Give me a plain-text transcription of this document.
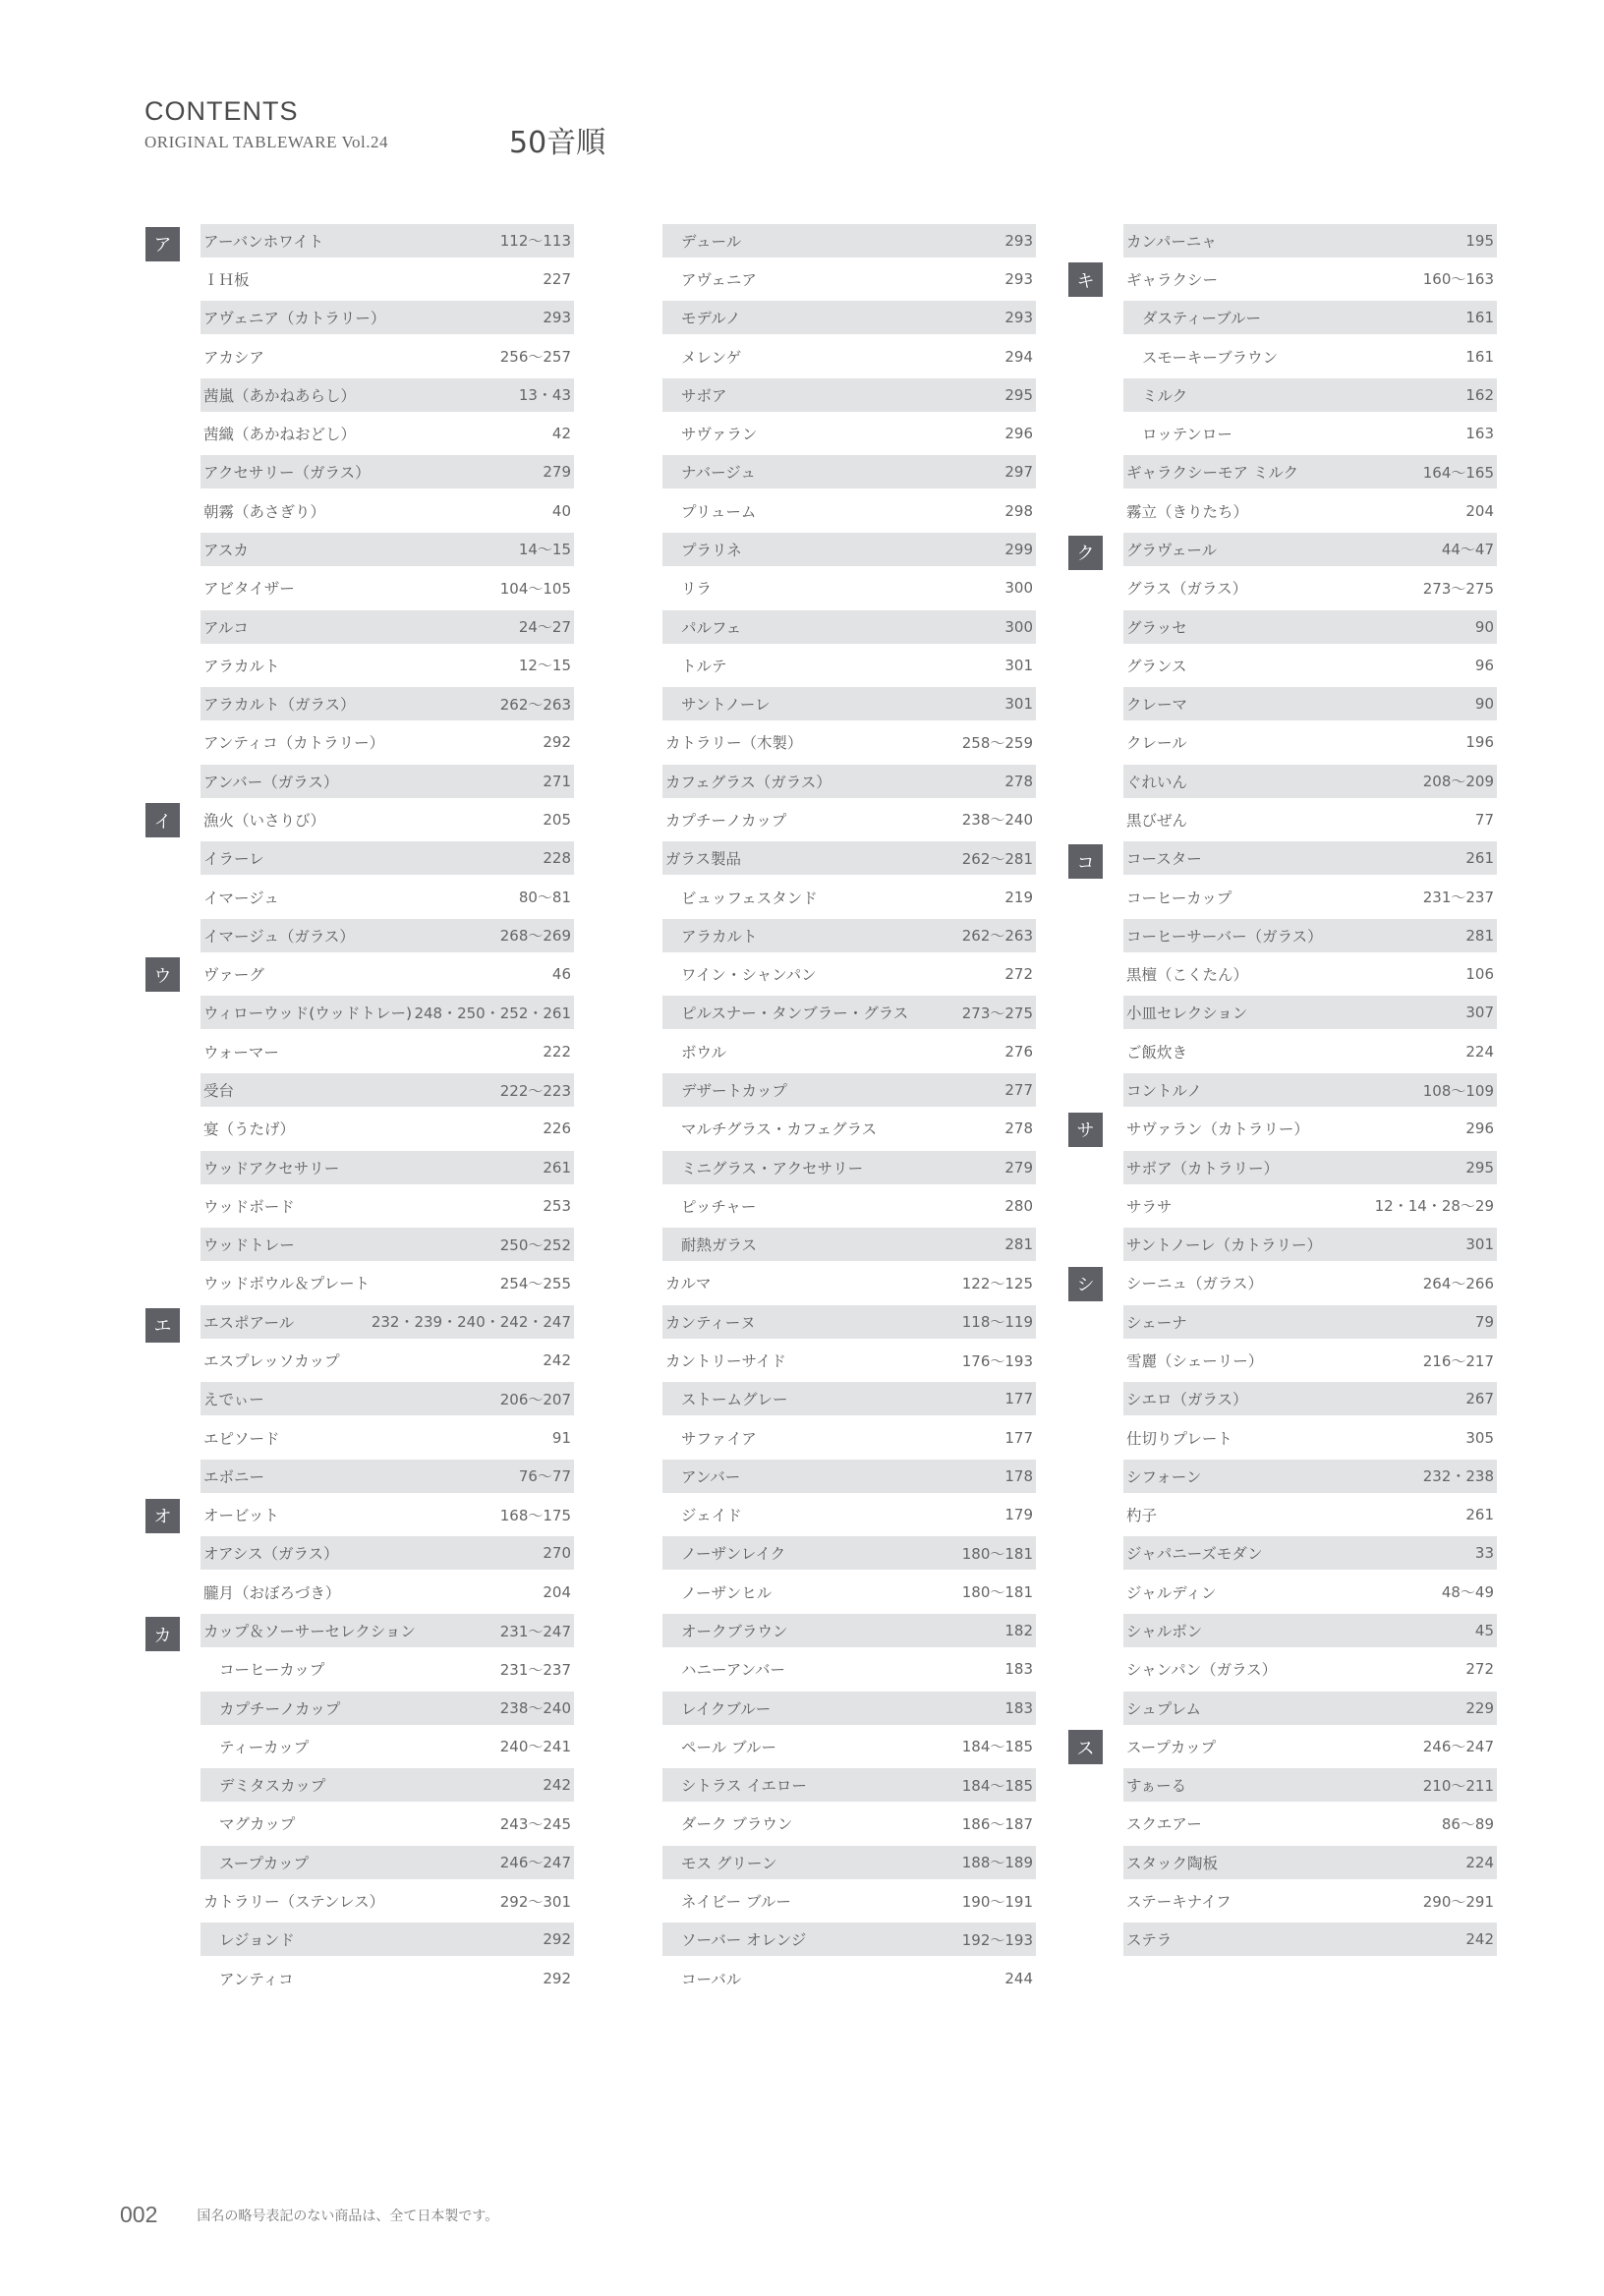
CONTENTS
ORIGINAL TABLEWARE Vol.24	50音順
ア	アーバンホワイト	112～113
ＩＨ板	227
アヴェニア（カトラリー）	293
アカシア	256～257
茜嵐（あかねあらし）	13・43
茜織（あかねおどし）	42
アクセサリー（ガラス）	279
朝霧（あさぎり）	40
アスカ	14～15
アビタイザー	104～105
アルコ	24～27
アラカルト	12～15
アラカルト（ガラス）	262～263
アンティコ（カトラリー）	292
アンバー（ガラス）	271
イ	漁火（いさりび）	205
イラーレ	228
イマージュ	80～81
イマージュ（ガラス）	268～269
ウ	ヴァーグ	46
ウィローウッド(ウッドトレー) 248・250・252・261
ウォーマー	222
受台	222～223
宴（うたげ）	226
ウッドアクセサリー	261
ウッドボード	253
ウッドトレー	250～252
ウッドボウル＆プレート	254～255
エ	エスポアール	232・239・240・242・247
エスプレッソカップ	242
えでぃー	206～207
エピソード	91
エボニー	76～77
オ	オービット	168～175
オアシス（ガラス）	270
朧月（おぼろづき）	204
カ	カップ＆ソーサーセレクション	231～247
コーヒーカップ	231～237
カプチーノカップ	238～240
ティーカップ	240～241
デミタスカップ	242
マグカップ	243～245
スープカップ	246～247
カトラリー（ステンレス）	292～301
レジョンド	292
アンティコ	292
デュール	293
アヴェニア	293
モデルノ	293
メレンゲ	294
サボア	295
サヴァラン	296
ナバージュ	297
プリューム	298
プラリネ	299
リラ	300
パルフェ	300
トルテ	301
サントノーレ	301
カトラリー（木製）	258～259
カフェグラス（ガラス）	278
カプチーノカップ	238～240
ガラス製品	262～281
ビュッフェスタンド	219
アラカルト	262～263
ワイン・シャンパン	272
ピルスナー・タンブラー・グラス	273～275
ボウル	276
デザートカップ	277
マルチグラス・カフェグラス	278
ミニグラス・アクセサリー	279
ピッチャー	280
耐熱ガラス	281
カルマ	122～125
カンティーヌ	118～119
カントリーサイド	176～193
ストームグレー	177
サファイア	177
アンバー	178
ジェイド	179
ノーザンレイク	180～181
ノーザンヒル	180～181
オークブラウン	182
ハニーアンバー	183
レイクブルー	183
ペール ブルー	184～185
シトラス イエロー	184～185
ダーク ブラウン	186～187
モス グリーン	188～189
ネイビー ブルー	190～191
ソーバー オレンジ	192～193
コーバル	244
カンパーニャ	195
キ	ギャラクシー	160～163
ダスティーブルー	161
スモーキーブラウン	161
ミルク	162
ロッテンロー	163
ギャラクシーモア ミルク	164～165
霧立（きりたち）	204
ク	グラヴェール	44～47
グラス（ガラス）	273～275
グラッセ	90
グランス	96
クレーマ	90
クレール	196
ぐれいん	208～209
黒びぜん	77
コ	コースター	261
コーヒーカップ	231～237
コーヒーサーバー（ガラス）	281
黒檀（こくたん）	106
小皿セレクション	307
ご飯炊き	224
コントルノ	108～109
サ	サヴァラン（カトラリー）	296
サボア（カトラリー）	295
サラサ	12・14・28～29
サントノーレ（カトラリー）	301
シ	シーニュ（ガラス）	264～266
シェーナ	79
雪麗（シェーリー）	216～217
シエロ（ガラス）	267
仕切りプレート	305
シフォーン	232・238
杓子	261
ジャパニーズモダン	33
ジャルディン	48～49
シャルボン	45
シャンパン（ガラス）	272
シュプレム	229
ス	スープカップ	246～247
すぁーる	210～211
スクエアー	86～89
スタック陶板	224
ステーキナイフ	290～291
ステラ	242
002	国名の略号表記のない商品は、全て日本製です。
